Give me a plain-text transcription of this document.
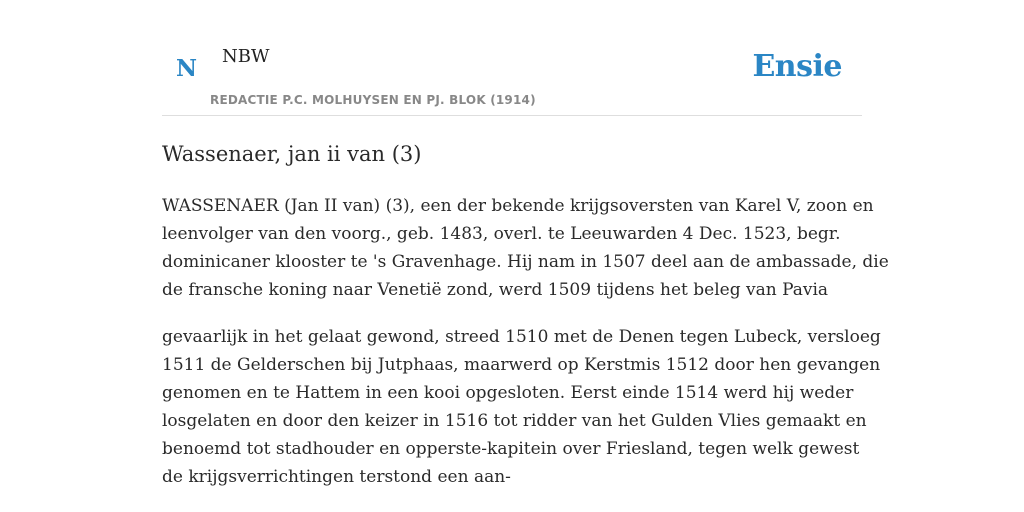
N NBW
REDACTIE P.C. MOLHUYSEN EN PJ. BLOK (1914)
Ensie
Wassenaer, jan ii van (3)

WASSENAER (Jan II van) (3), een der bekende krijgsoversten van Karel V, zoon en
leenvolger van den voorg., geb. 1483, overl. te Leeuwarden 4 Dec. 1523, begr.
dominicaner klooster te 's Gravenhage. Hij nam in 1507 deel aan de ambassade, die
de fransche koning naar Venetië zond, werd 1509 tijdens het beleg van Pavia

gevaarlijk in het gelaat gewond, streed 1510 met de Denen tegen Lubeck, versloeg
1511 de Gelderschen bij Jutphaas, maarwerd op Kerstmis 1512 door hen gevangen
genomen en te Hattem in een kooi opgesloten. Eerst einde 1514 werd hij weder
losgelaten en door den keizer in 1516 tot ridder van het Gulden Vlies gemaakt en
benoemd tot stadhouder en opperste-kapitein over Friesland, tegen welk gewest
de krijgsverrichtingen terstond een aan-
